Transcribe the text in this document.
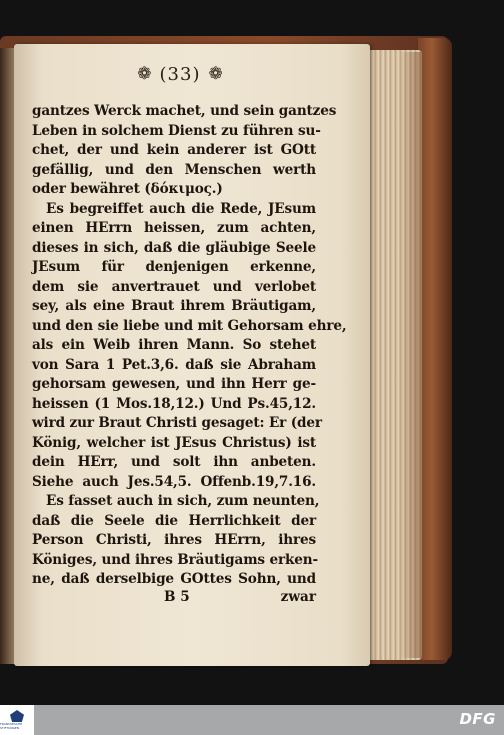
❁ (33) ❁
gantzes Werck machet, und sein gantzes
Leben in solchem Dienst zu führen su-
chet, der und kein anderer ist GOtt
gefällig, und den Menschen werth
oder bewähret (δόκιμος.)
Es begreiffet auch die Rede, JEsum
einen HErrn heissen, zum achten,
dieses in sich, daß die gläubige Seele
JEsum für denjenigen erkenne,
dem sie anvertrauet und verlobet
sey, als eine Braut ihrem Bräutigam,
und den sie liebe und mit Gehorsam ehre,
als ein Weib ihren Mann. So stehet
von Sara 1 Pet.3,6. daß sie Abraham
gehorsam gewesen, und ihn Herr ge-
heissen (1 Mos.18,12.) Und Ps.45,12.
wird zur Braut Christi gesaget: Er (der
König, welcher ist JEsus Christus) ist
dein HErr, und solt ihn anbeten.
Siehe auch Jes.54,5. Offenb.19,7.16.
Es fasset auch in sich, zum neunten,
daß die Seele die Herrlichkeit der
Person Christi, ihres HErrn, ihres
Königes, und ihres Bräutigams erken-
ne, daß derselbige GOttes Sohn, und
B 5	zwar
FRANCKESCHE STIFTUNGEN	DFG
